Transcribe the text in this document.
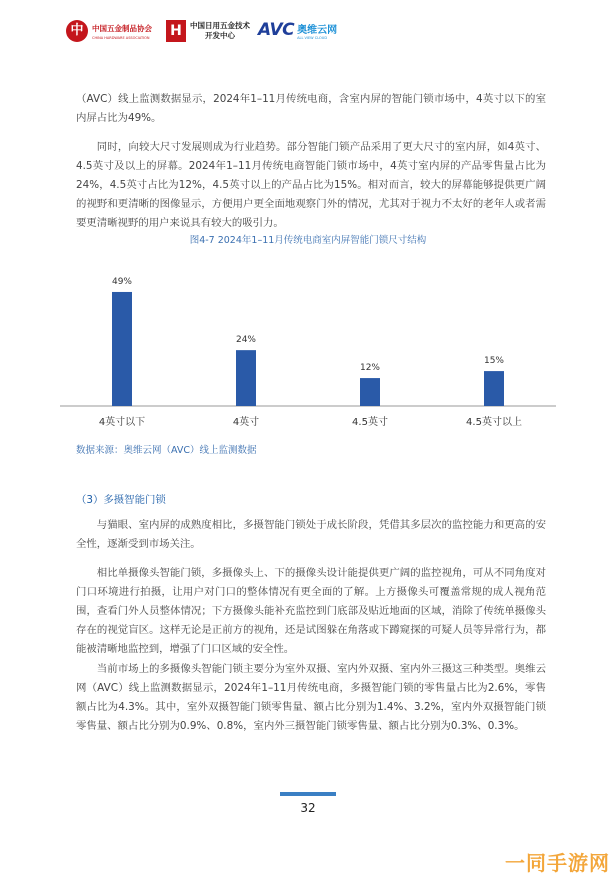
中	中国五金制品协会
CHINA HARDWARE ASSOCIATION H	中国日用五金技术
开发中心 AVC 奥维云网
ALL VIEW CLOUD

（AVC）线上监测数据显示，2024年1–11月传统电商，含室内屏的智能门锁市场中，4英寸以下的室内屏占比为49%。

同时，向较大尺寸发展则成为行业趋势。部分智能门锁产品采用了更大尺寸的室内屏，如4英寸、4.5英寸及以上的屏幕。2024年1–11月传统电商智能门锁市场中，4英寸室内屏的产品零售量占比为24%，4.5英寸占比为12%，4.5英寸以上的产品占比为15%。相对而言，较大的屏幕能够提供更广阔的视野和更清晰的图像显示，方便用户更全面地观察门外的情况，尤其对于视力不太好的老年人或者需要更清晰视野的用户来说具有较大的吸引力。

图4-7 2024年1–11月传统电商室内屏智能门锁尺寸结构
49%
4英寸以下
24%
4英寸
12%
4.5英寸
15%
4.5英寸以上
数据来源：奥维云网（AVC）线上监测数据
（3）多摄智能门锁

与猫眼、室内屏的成熟度相比，多摄智能门锁处于成长阶段，凭借其多层次的监控能力和更高的安全性，逐渐受到市场关注。

相比单摄像头智能门锁，多摄像头上、下的摄像头设计能提供更广阔的监控视角，可从不同角度对门口环境进行拍摄，让用户对门口的整体情况有更全面的了解。上方摄像头可覆盖常规的成人视角范围，查看门外人员整体情况；下方摄像头能补充监控到门底部及贴近地面的区域，消除了传统单摄像头存在的视觉盲区。这样无论是正前方的视角，还是试图躲在角落或下蹲窥探的可疑人员等异常行为，都能被清晰地监控到，增强了门口区域的安全性。

当前市场上的多摄像头智能门锁主要分为室外双摄、室内外双摄、室内外三摄这三种类型。奥维云网（AVC）线上监测数据显示，2024年1–11月传统电商，多摄智能门锁的零售量占比为2.6%，零售额占比为4.3%。其中，室外双摄智能门锁零售量、额占比分别为1.4%、3.2%，室内外双摄智能门锁零售量、额占比分别为0.9%、0.8%，室内外三摄智能门锁零售量、额占比分别为0.3%、0.3%。

32
一同手游网
